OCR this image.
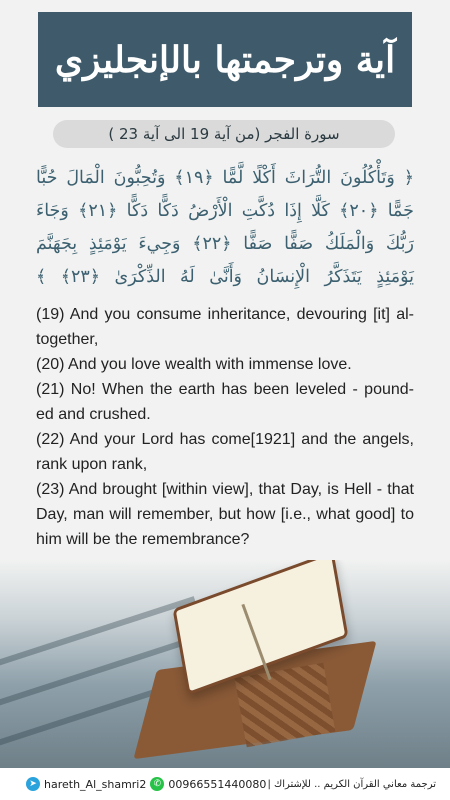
آية وترجمتها بالإنجليزي
سورة الفجر (من آية 19 الى آية 23 )
﴿ وَتَأْكُلُونَ التُّرَاثَ أَكْلًا لَّمًّا ﴿١٩﴾ وَتُحِبُّونَ الْمَالَ حُبًّا جَمًّا ﴿٢٠﴾ كَلَّا إِذَا دُكَّتِ الْأَرْضُ دَكًّا دَكًّا ﴿٢١﴾ وَجَاءَ رَبُّكَ وَالْمَلَكُ صَفًّا صَفًّا ﴿٢٢﴾ وَجِيءَ يَوْمَئِذٍ بِجَهَنَّمَ يَوْمَئِذٍ يَتَذَكَّرُ الْإِنسَانُ وَأَنَّىٰ لَهُ الذِّكْرَىٰ ﴿٢٣﴾ ﴾

(19) And you consume inheritance, devouring [it] al-together,

(20) And you love wealth with immense love.

(21) No! When the earth has been leveled - pound-ed and crushed.

(22) And your Lord has come[1921] and the angels, rank upon rank,

(23) And brought [within view], that Day, is Hell - that Day, man will remember, but how [i.e., what good] to him will be the remembrance?

➤ hareth_Al_shamri2 ✆ 00966551440080 ترجمة معاني القرآن الكريم .. للإشتراك |
